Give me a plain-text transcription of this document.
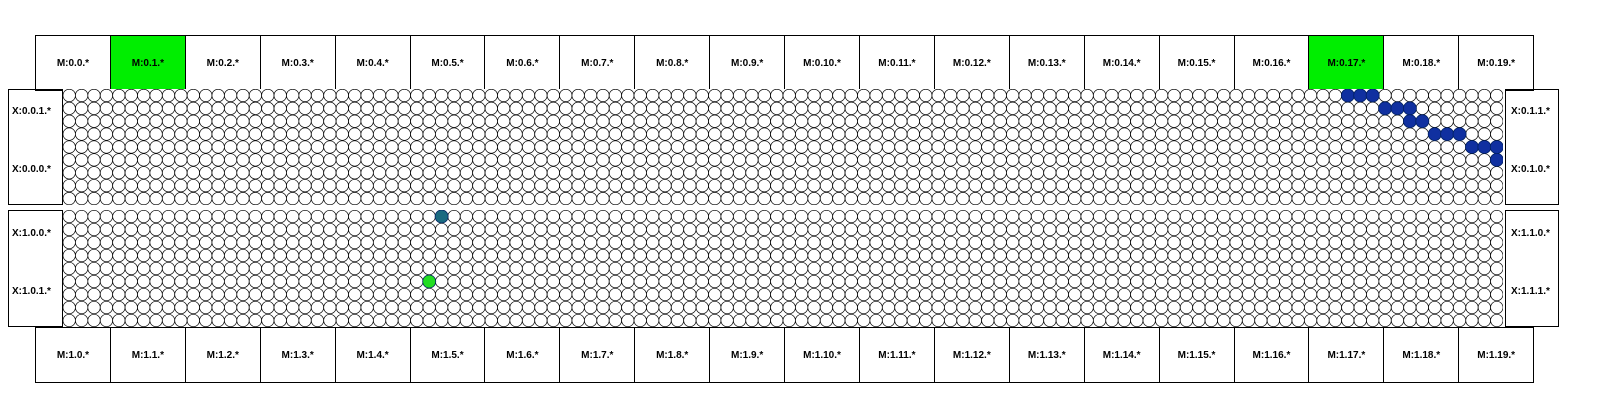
M:0.0.*	M:0.1.*	M:0.2.*	M:0.3.*	M:0.4.*	M:0.5.*	M:0.6.*	M:0.7.*	M:0.8.*	M:0.9.*	M:0.10.*	M:0.11.*	M:0.12.*	M:0.13.*	M:0.14.*	M:0.15.*	M:0.16.*	M:0.17.*	M:0.18.*	M:0.19.*
X:0.0.1.*
X:0.0.0.*
X:0.1.1.*
X:0.1.0.*
X:1.0.0.*
X:1.0.1.*
X:1.1.0.*
X:1.1.1.*
M:1.0.*	M:1.1.*	M:1.2.*	M:1.3.*	M:1.4.*	M:1.5.*	M:1.6.*	M:1.7.*	M:1.8.*	M:1.9.*	M:1.10.*	M:1.11.*	M:1.12.*	M:1.13.*	M:1.14.*	M:1.15.*	M:1.16.*	M:1.17.*	M:1.18.*	M:1.19.*
